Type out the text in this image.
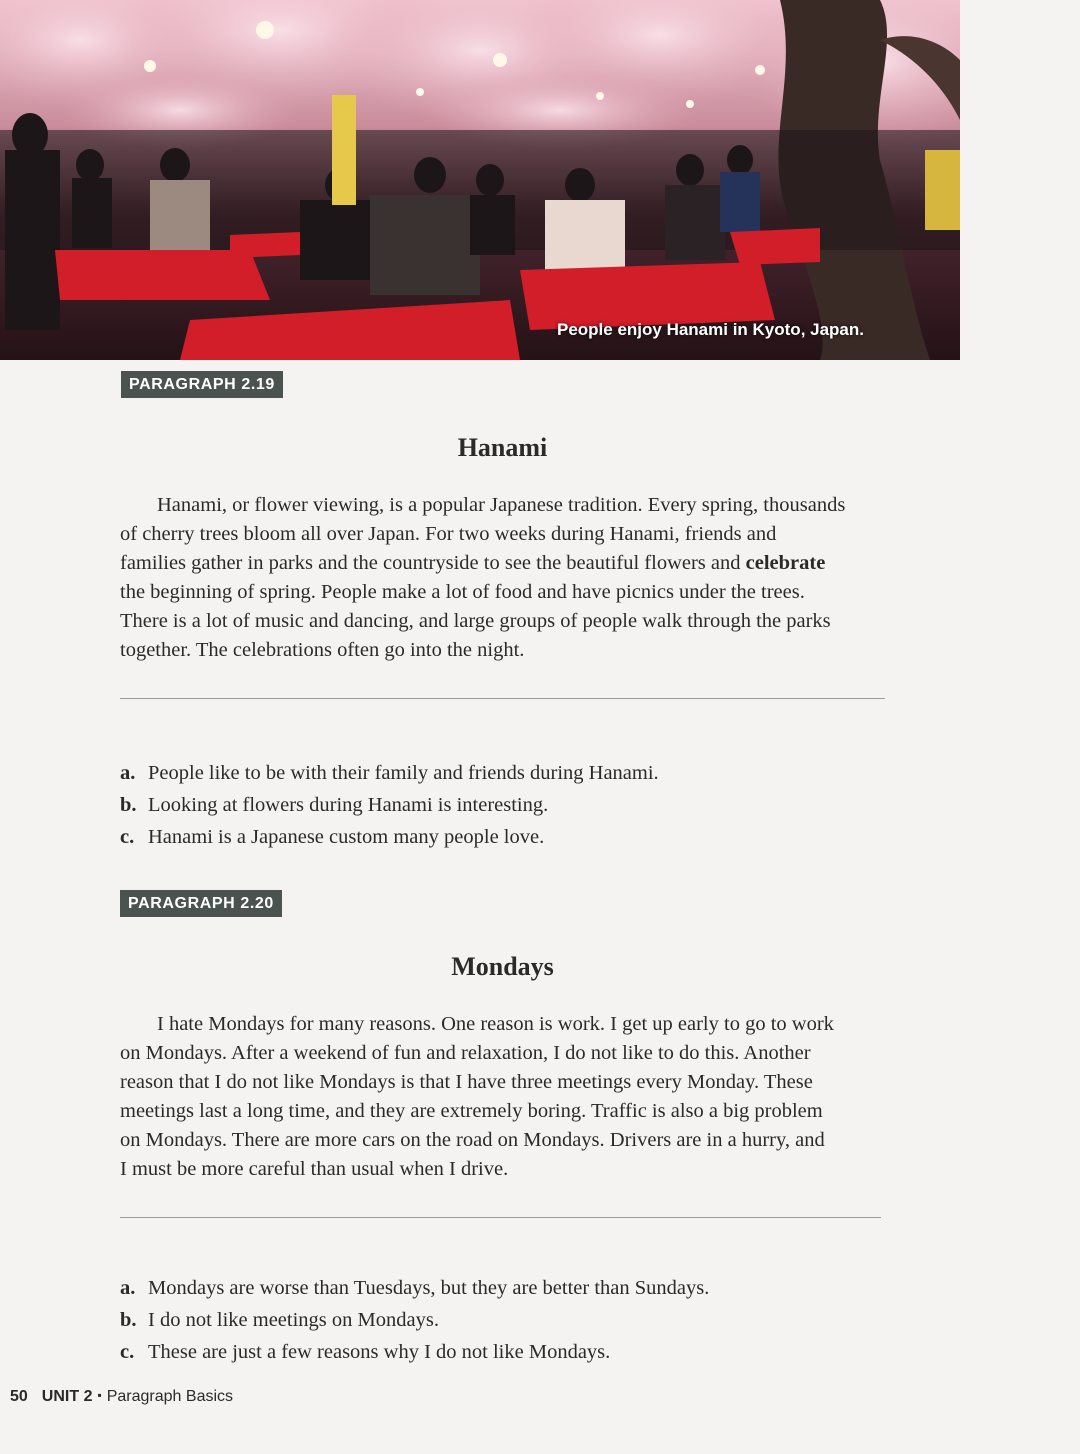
People enjoy Hanami in Kyoto, Japan.
PARAGRAPH 2.19
Hanami
Hanami, or flower viewing, is a popular Japanese tradition. Every spring, thousands
of cherry trees bloom all over Japan. For two weeks during Hanami, friends and
families gather in parks and the countryside to see the beautiful flowers and celebrate
the beginning of spring. People make a lot of food and have picnics under the trees.
There is a lot of music and dancing, and large groups of people walk through the parks
together. The celebrations often go into the night.
a. People like to be with their family and friends during Hanami.
b. Looking at flowers during Hanami is interesting.
c. Hanami is a Japanese custom many people love.
PARAGRAPH 2.20
Mondays
I hate Mondays for many reasons. One reason is work. I get up early to go to work
on Mondays. After a weekend of fun and relaxation, I do not like to do this. Another
reason that I do not like Mondays is that I have three meetings every Monday. These
meetings last a long time, and they are extremely boring. Traffic is also a big problem
on Mondays. There are more cars on the road on Mondays. Drivers are in a hurry, and
I must be more careful than usual when I drive.
a. Mondays are worse than Tuesdays, but they are better than Sundays.
b. I do not like meetings on Mondays.
c. These are just a few reasons why I do not like Mondays.
50 UNIT 2 ▪ Paragraph Basics
